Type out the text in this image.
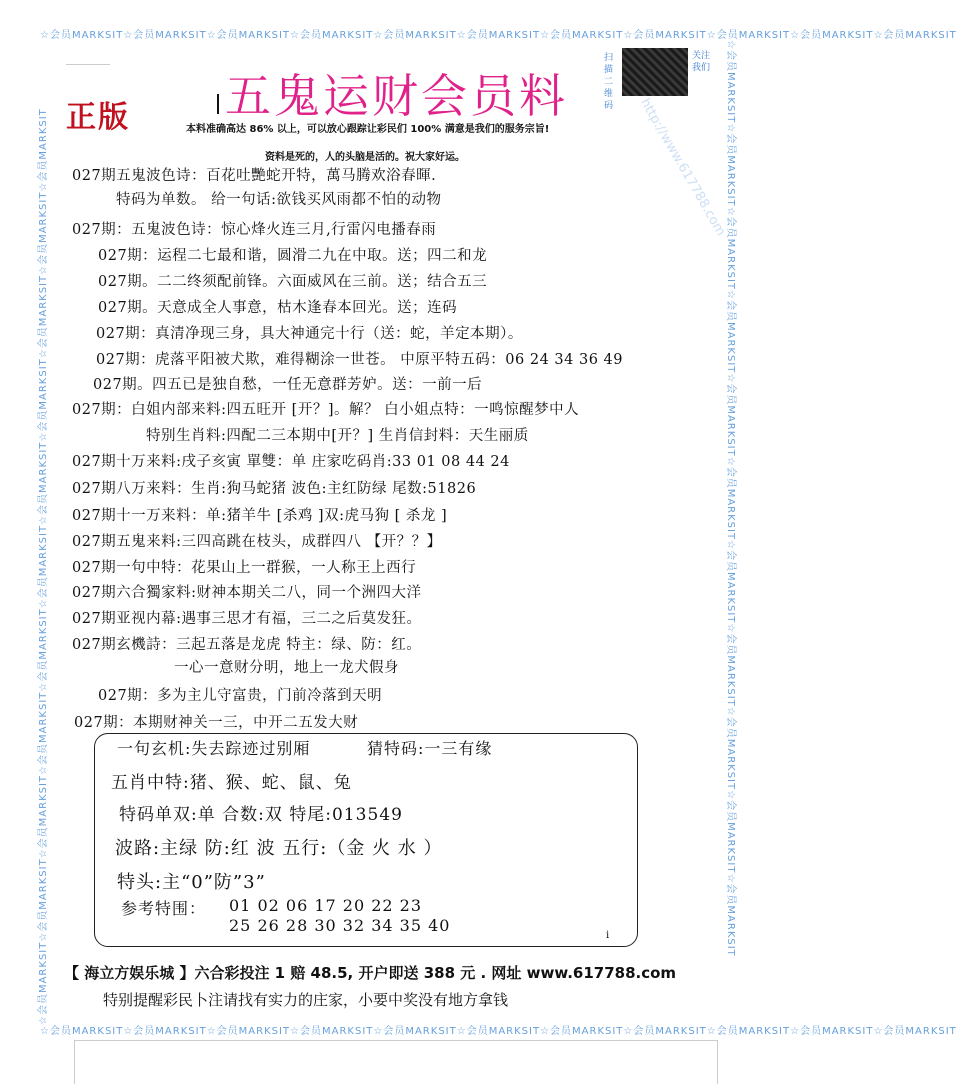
☆会员MARKSIT☆会员MARKSIT☆会员MARKSIT☆会员MARKSIT☆会员MARKSIT☆会员MARKSIT☆会员MARKSIT☆会员MARKSIT☆会员MARKSIT☆会员MARKSIT☆会员MARKSIT
☆会员MARKSIT☆会员MARKSIT☆会员MARKSIT☆会员MARKSIT☆会员MARKSIT☆会员MARKSIT☆会员MARKSIT☆会员MARKSIT☆会员MARKSIT☆会员MARKSIT☆会员MARKSIT
☆会员MARKSIT☆会员MARKSIT☆会员MARKSIT☆会员MARKSIT☆会员MARKSIT☆会员MARKSIT☆会员MARKSIT☆会员MARKSIT☆会员MARKSIT☆会员MARKSIT☆会员MARKSIT	☆会员MARKSIT☆会员MARKSIT☆会员MARKSIT☆会员MARKSIT☆会员MARKSIT☆会员MARKSIT☆会员MARKSIT☆会员MARKSIT☆会员MARKSIT☆会员MARKSIT☆会员MARKSIT
http://www.617788.com
正版 五鬼运财会员料
扫描二维码
关注我们
本料准确高达 86% 以上，可以放心跟踪让彩民们 100% 满意是我们的服务宗旨!
资料是死的，人的头脑是活的。祝大家好运。
027期五鬼波色诗：百花吐艷蛇开特，萬马腾欢浴春暉.
特码为单数。 给一句话:欲钱买风雨都不怕的动物
027期：五鬼波色诗：惊心烽火连三月,行雷闪电播春雨
027期：运程二七最和谐，圆滑二九在中取。送；四二和龙
027期。二二终须配前锋。六面威风在三前。送；结合五三
027期。天意成全人事意，枯木逢春本回光。送；连码
027期：真清净现三身，具大神通完十行（送：蛇，羊定本期）。
027期：虎落平阳被犬欺，难得糊涂一世苍。 中原平特五码：06 24 34 36 49
027期。四五已是独自愁，一任无意群芳妒。送：一前一后
027期：白姐内部来料:四五旺开 [开？]。解？ 白小姐点特：一鸣惊醒梦中人
特别生肖料:四配二三本期中[开？] 生肖信封料：天生丽质
027期十万来料:戌子亥寅 單雙：单 庄家吃码肖:33 01 08 44 24
027期八万来料：生肖:狗马蛇猪 波色:主红防绿 尾数:51826
027期十一万来料：单:猪羊牛 [杀鸡 ]双:虎马狗 [ 杀龙 ]
027期五鬼来料:三四高跳在枝头，成群四八 【开？？】
027期一句中特：花果山上一群猴，一人称王上西行
027期六合獨家料:财神本期关二八，同一个洲四大洋
027期亚视内幕:遇事三思才有福，三二之后莫发狂。
027期玄機詩：三起五落是龙虎 特主：绿、防：红。
一心一意财分明，地上一龙犬假身
027期：多为主儿守富贵，门前冷落到天明
027期：本期财神关一三，中开二五发大财
一句玄机:失去踪迹过别厢	猜特码:一三有缘
五肖中特:猪、猴、蛇、鼠、兔
特码单双:单 合数:双 特尾:013549
波路:主绿 防:红 波 五行:（金 火 水 ）
特头:主“0”防”3”
参考特围： 01 02 06 17 20 22 23
25 26 28 30 32 34 35 40
i
【 海立方娱乐城 】六合彩投注 1 赔 48.5, 开户即送 388 元 . 网址 www.617788.com
特别提醒彩民卜注请找有实力的庄家，小要中奖没有地方拿钱
